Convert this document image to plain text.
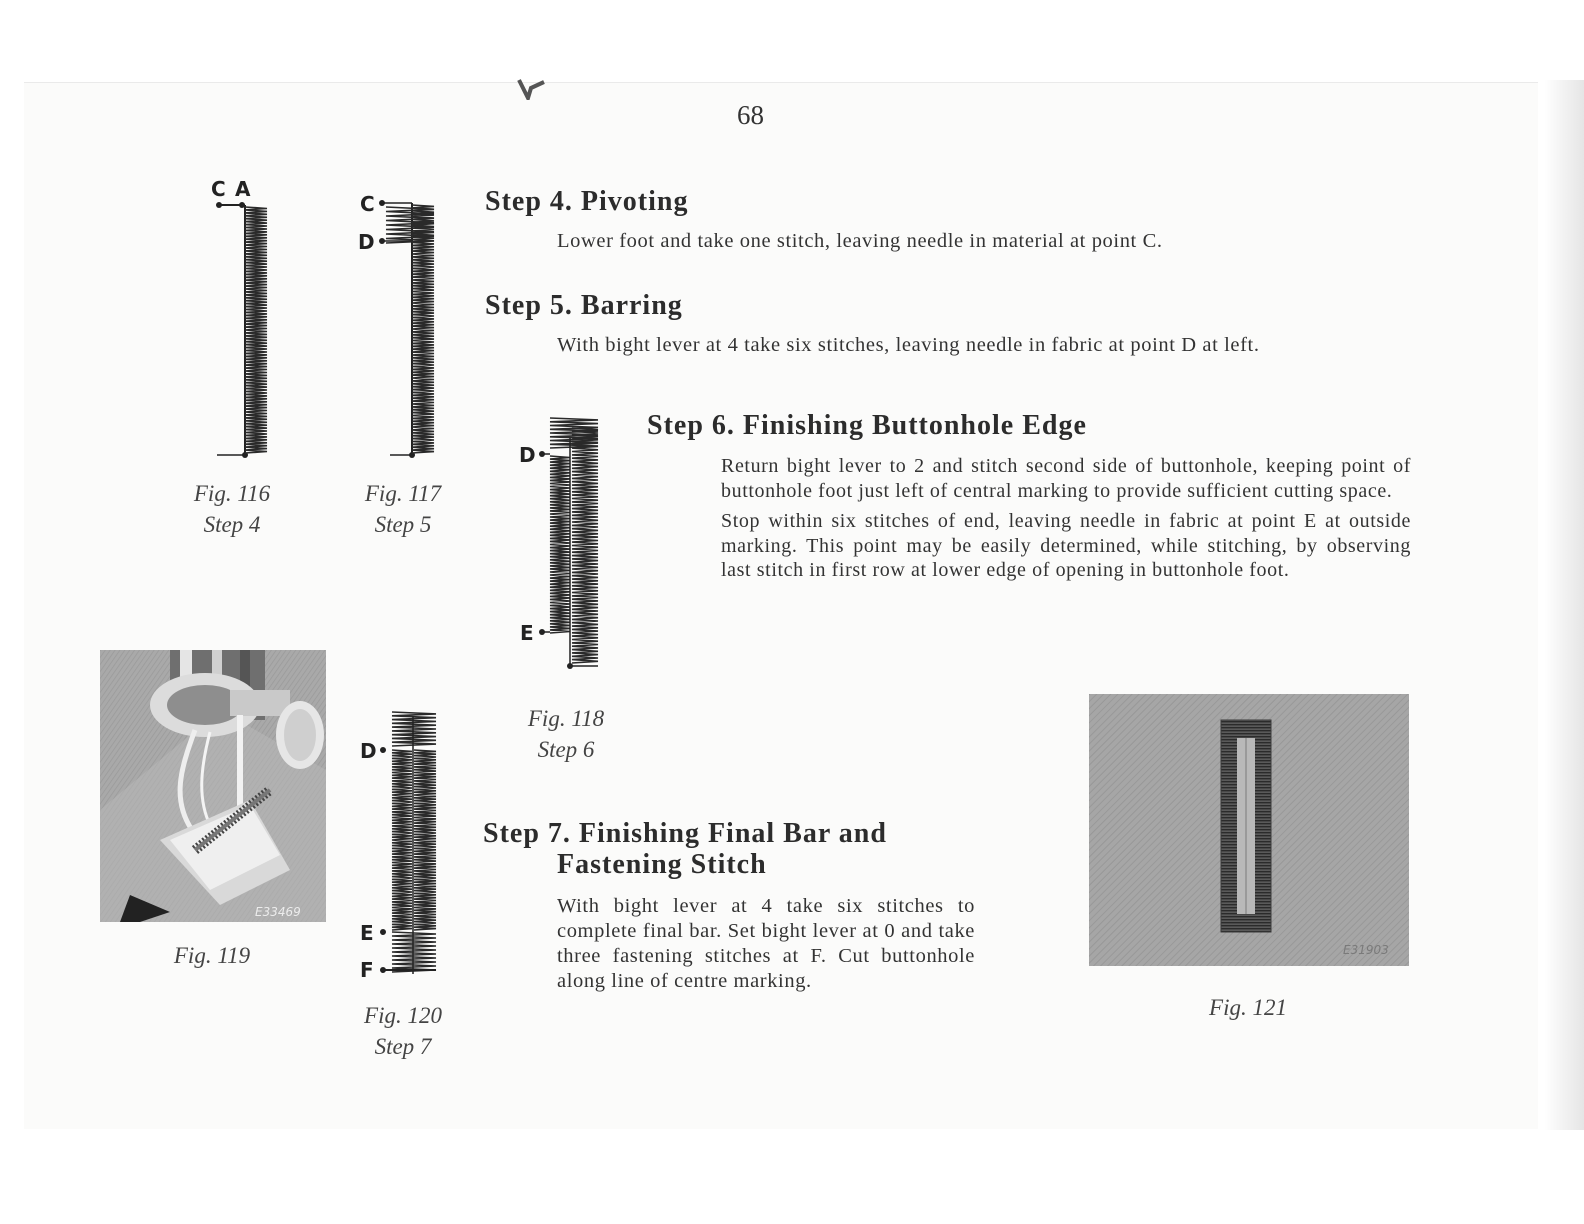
68
C A
Fig. 116
Step 4
C
D
Fig. 117
Step 5
Step 4. Pivoting
Lower foot and take one stitch, leaving needle in material at point C.
Step 5. Barring
With bight lever at 4 take six stitches, leaving needle in fabric at point D at left.
D
E
Fig. 118
Step 6
Step 6. Finishing Buttonhole Edge

Return bight lever to 2 and stitch second side of buttonhole, keeping point of buttonhole foot just left of central marking to provide sufficient cutting space.

Stop within six stitches of end, leaving needle in fabric at point E at outside marking. This point may be easily determined, while stitching, by observing last stitch in first row at lower edge of opening in buttonhole foot.

E33469
Fig. 119
D
E
F
Fig. 120
Step 7
Step 7. Finishing Final Bar and
Fastening Stitch
With bight lever at 4 take six stitches to complete final bar. Set bight lever at 0 and take three fastening stitches at F. Cut buttonhole along line of centre marking.
E31903
Fig. 121
